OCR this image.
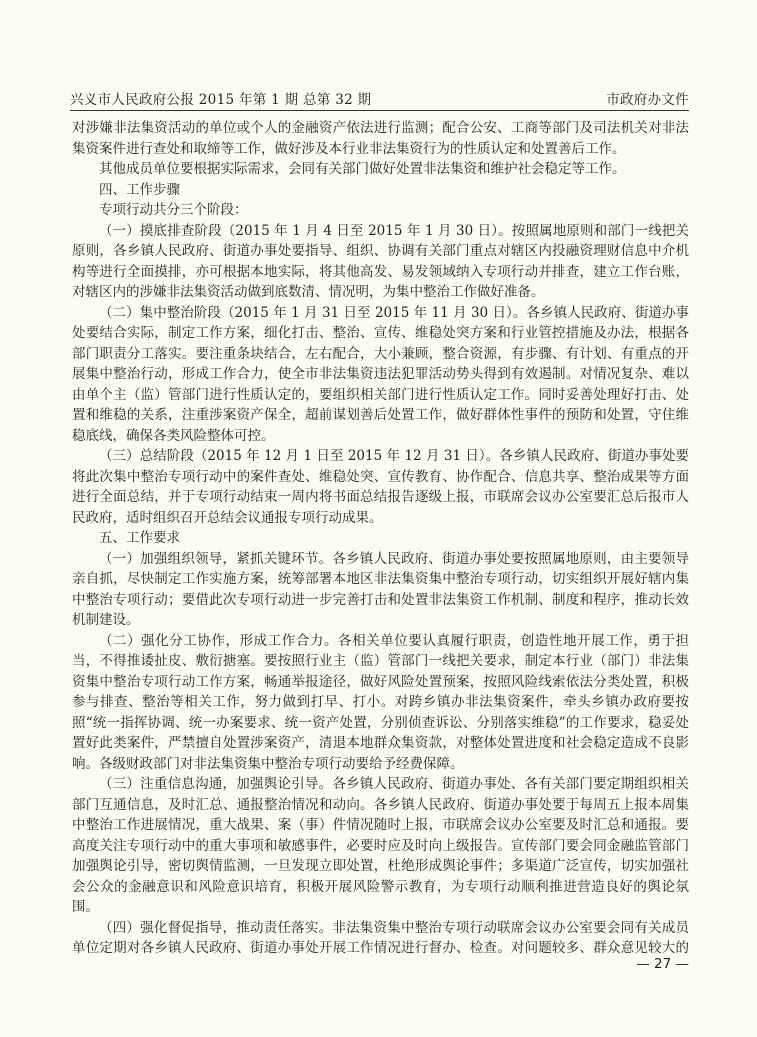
兴义市人民政府公报 2015 年第 1 期 总第 32 期	市政府办文件

对涉嫌非法集资活动的单位或个人的金融资产依法进行监测；配合公安、工商等部门及司法机关对非法集资案件进行查处和取缔等工作，做好涉及本行业非法集资行为的性质认定和处置善后工作。

其他成员单位要根据实际需求，会同有关部门做好处置非法集资和维护社会稳定等工作。

四、工作步骤

专项行动共分三个阶段：

（一）摸底排查阶段（2015 年 1 月 4 日至 2015 年 1 月 30 日）。按照属地原则和部门一线把关原则，各乡镇人民政府、街道办事处要指导、组织、协调有关部门重点对辖区内投融资理财信息中介机构等进行全面摸排，亦可根据本地实际，将其他高发、易发领域纳入专项行动并排查，建立工作台账，对辖区内的涉嫌非法集资活动做到底数清、情况明，为集中整治工作做好准备。

（二）集中整治阶段（2015 年 1 月 31 日至 2015 年 11 月 30 日）。各乡镇人民政府、街道办事处要结合实际，制定工作方案，细化打击、整治、宣传、维稳处突方案和行业管控措施及办法，根据各部门职责分工落实。要注重条块结合，左右配合，大小兼顾，整合资源，有步骤、有计划、有重点的开展集中整治行动，形成工作合力，使全市非法集资违法犯罪活动势头得到有效遏制。对情况复杂、难以由单个主（监）管部门进行性质认定的，要组织相关部门进行性质认定工作。同时妥善处理好打击、处置和维稳的关系，注重涉案资产保全，超前谋划善后处置工作，做好群体性事件的预防和处置，守住维稳底线，确保各类风险整体可控。

（三）总结阶段（2015 年 12 月 1 日至 2015 年 12 月 31 日）。各乡镇人民政府、街道办事处要将此次集中整治专项行动中的案件查处、维稳处突、宣传教育、协作配合、信息共享、整治成果等方面进行全面总结，并于专项行动结束一周内将书面总结报告逐级上报，市联席会议办公室要汇总后报市人民政府，适时组织召开总结会议通报专项行动成果。

五、工作要求

（一）加强组织领导，紧抓关键环节。各乡镇人民政府、街道办事处要按照属地原则，由主要领导亲自抓，尽快制定工作实施方案，统筹部署本地区非法集资集中整治专项行动，切实组织开展好辖内集中整治专项行动；要借此次专项行动进一步完善打击和处置非法集资工作机制、制度和程序，推动长效机制建设。

（二）强化分工协作，形成工作合力。各相关单位要认真履行职责，创造性地开展工作，勇于担当，不得推诿扯皮、敷衍搪塞。要按照行业主（监）管部门一线把关要求，制定本行业（部门）非法集资集中整治专项行动工作方案，畅通举报途径，做好风险处置预案，按照风险线索依法分类处置，积极参与排查、整治等相关工作，努力做到打早、打小。对跨乡镇办非法集资案件，牵头乡镇办政府要按照“统一指挥协调、统一办案要求、统一资产处置，分别侦查诉讼、分别落实维稳”的工作要求，稳妥处置好此类案件，严禁擅自处置涉案资产，清退本地群众集资款，对整体处置进度和社会稳定造成不良影响。各级财政部门对非法集资集中整治专项行动要给予经费保障。

（三）注重信息沟通，加强舆论引导。各乡镇人民政府、街道办事处、各有关部门要定期组织相关部门互通信息，及时汇总、通报整治情况和动向。各乡镇人民政府、街道办事处要于每周五上报本周集中整治工作进展情况，重大战果、案（事）件情况随时上报，市联席会议办公室要及时汇总和通报。要高度关注专项行动中的重大事项和敏感事件，必要时应及时向上级报告。宣传部门要会同金融监管部门加强舆论引导，密切舆情监测，一旦发现立即处置，杜绝形成舆论事件；多渠道广泛宣传，切实加强社会公众的金融意识和风险意识培育，积极开展风险警示教育，为专项行动顺利推进营造良好的舆论氛围。

（四）强化督促指导，推动责任落实。非法集资集中整治专项行动联席会议办公室要会同有关成员单位定期对各乡镇人民政府、街道办事处开展工作情况进行督办、检查。对问题较多、群众意见较大的

— 27 —
